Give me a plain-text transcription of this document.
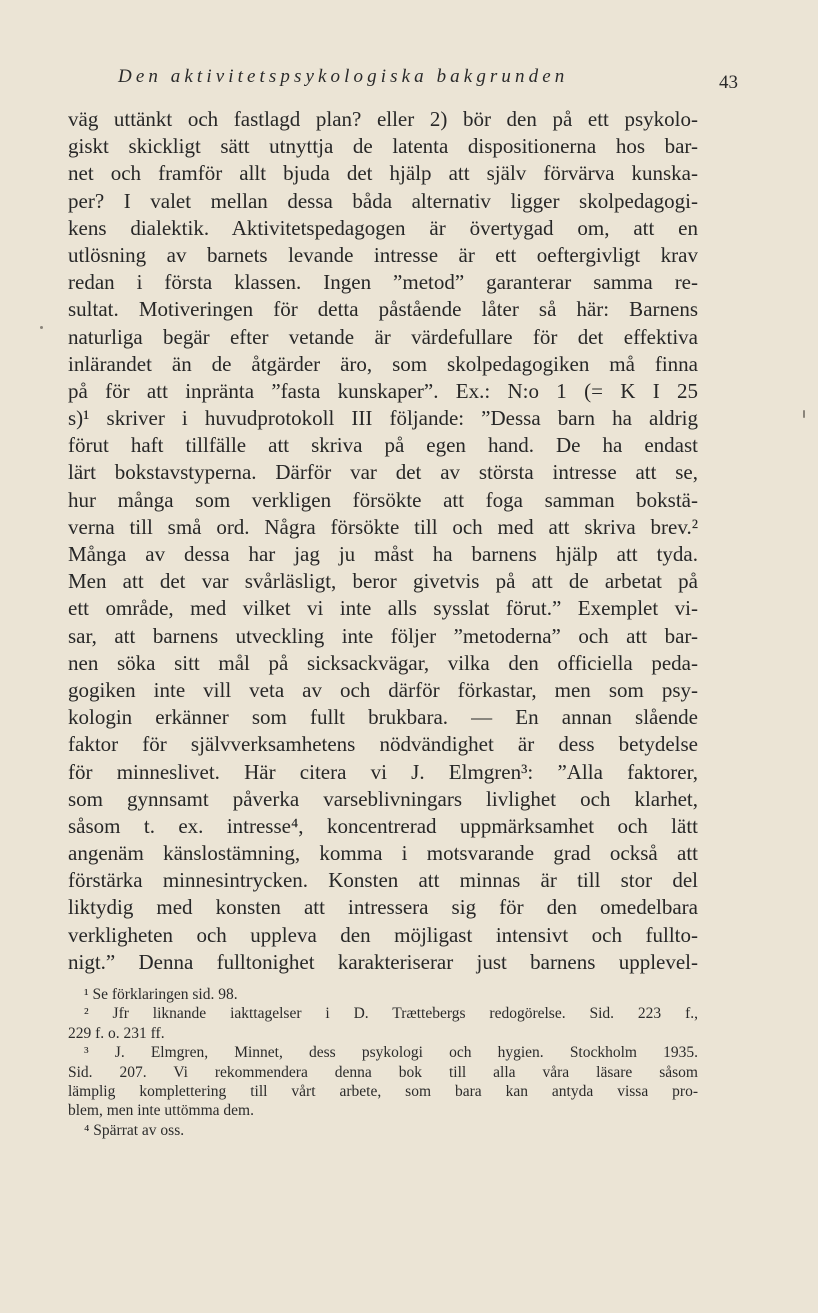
Den aktivitetspsykologiska bakgrunden	43
väg uttänkt och fastlagd plan? eller 2) bör den på ett psykolo-
giskt skickligt sätt utnyttja de latenta dispositionerna hos bar-
net och framför allt bjuda det hjälp att själv förvärva kunska-
per? I valet mellan dessa båda alternativ ligger skolpedagogi-
kens dialektik. Aktivitetspedagogen är övertygad om, att en
utlösning av barnets levande intresse är ett oeftergivligt krav
redan i första klassen. Ingen ”metod” garanterar samma re-
sultat. Motiveringen för detta påstående låter så här: Barnens
naturliga begär efter vetande är värdefullare för det effektiva
inlärandet än de åtgärder äro, som skolpedagogiken må finna
på för att inpränta ”fasta kunskaper”. Ex.: N:o 1 (= K I 25
s)¹ skriver i huvudprotokoll III följande: ”Dessa barn ha aldrig
förut haft tillfälle att skriva på egen hand. De ha endast
lärt bokstavstyperna. Därför var det av största intresse att se,
hur många som verkligen försökte att foga samman bokstä-
verna till små ord. Några försökte till och med att skriva brev.²
Många av dessa har jag ju måst ha barnens hjälp att tyda.
Men att det var svårläsligt, beror givetvis på att de arbetat på
ett område, med vilket vi inte alls sysslat förut.” Exemplet vi-
sar, att barnens utveckling inte följer ”metoderna” och att bar-
nen söka sitt mål på sicksackvägar, vilka den officiella peda-
gogiken inte vill veta av och därför förkastar, men som psy-
kologin erkänner som fullt brukbara. — En annan slående
faktor för självverksamhetens nödvändighet är dess betydelse
för minneslivet. Här citera vi J. Elmgren³: ”Alla faktorer,
som gynnsamt påverka varseblivningars livlighet och klarhet,
såsom t. ex. intresse⁴, koncentrerad uppmärksamhet och lätt
angenäm känslostämning, komma i motsvarande grad också att
förstärka minnesintrycken. Konsten att minnas är till stor del
liktydig med konsten att intressera sig för den omedelbara
verkligheten och uppleva den möjligast intensivt och fullto-
nigt.” Denna fulltonighet karakteriserar just barnens upplevel-
¹ Se förklaringen sid. 98.
² Jfr liknande iakttagelser i D. Trættebergs redogörelse. Sid. 223 f.,
229 f. o. 231 ff.
³ J. Elmgren, Minnet, dess psykologi och hygien. Stockholm 1935.
Sid. 207. Vi rekommendera denna bok till alla våra läsare såsom
lämplig komplettering till vårt arbete, som bara kan antyda vissa pro-
blem, men inte uttömma dem.
⁴ Spärrat av oss.
